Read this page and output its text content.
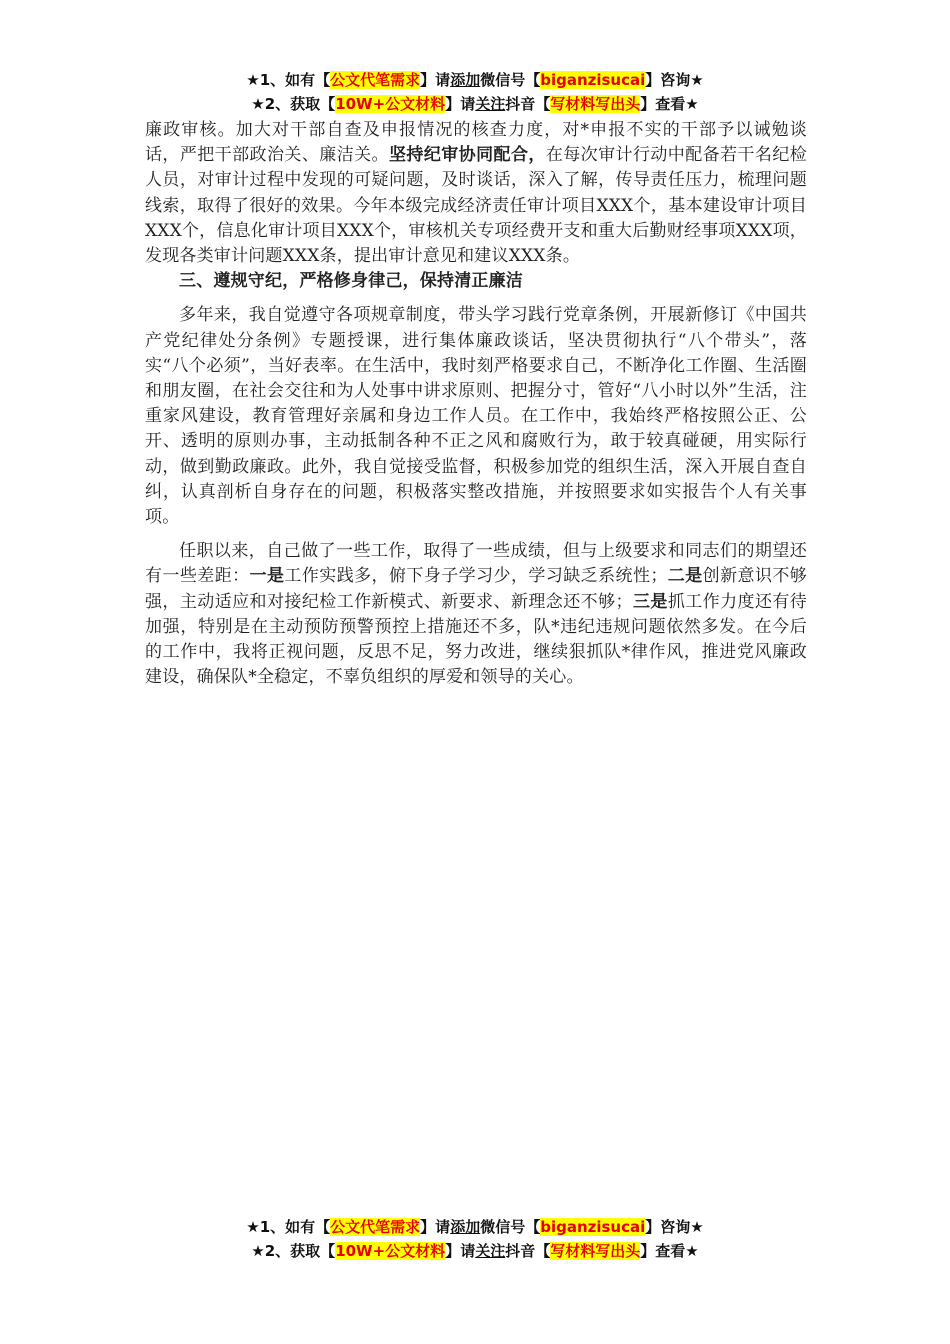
★1、如有【公文代笔需求】请添加微信号【biganzisucai】咨询★
★2、获取【10W+公文材料】请关注抖音【写材料写出头】查看★

廉政审核。加大对干部自查及申报情况的核查力度，对*申报不实的干部予以诫勉谈话，严把干部政治关、廉洁关。坚持纪审协同配合，在每次审计行动中配备若干名纪检人员，对审计过程中发现的可疑问题，及时谈话，深入了解，传导责任压力，梳理问题线索，取得了很好的效果。今年本级完成经济责任审计项目XXX个，基本建设审计项目XXX个，信息化审计项目XXX个，审核机关专项经费开支和重大后勤财经事项XXX项，发现各类审计问题XXX条，提出审计意见和建议XXX条。

三、遵规守纪，严格修身律己，保持清正廉洁

多年来，我自觉遵守各项规章制度，带头学习践行党章条例，开展新修订《中国共产党纪律处分条例》专题授课，进行集体廉政谈话，坚决贯彻执行“八个带头”，落实“八个必须”，当好表率。在生活中，我时刻严格要求自己，不断净化工作圈、生活圈和朋友圈，在社会交往和为人处事中讲求原则、把握分寸，管好“八小时以外”生活，注重家风建设，教育管理好亲属和身边工作人员。在工作中，我始终严格按照公正、公开、透明的原则办事，主动抵制各种不正之风和腐败行为，敢于较真碰硬，用实际行动，做到勤政廉政。此外，我自觉接受监督，积极参加党的组织生活，深入开展自查自纠，认真剖析自身存在的问题，积极落实整改措施，并按照要求如实报告个人有关事项。

任职以来，自己做了一些工作，取得了一些成绩，但与上级要求和同志们的期望还有一些差距：一是工作实践多，俯下身子学习少，学习缺乏系统性；二是创新意识不够强，主动适应和对接纪检工作新模式、新要求、新理念还不够；三是抓工作力度还有待加强，特别是在主动预防预警预控上措施还不多，队*违纪违规问题依然多发。在今后的工作中，我将正视问题，反思不足，努力改进，继续狠抓队*律作风，推进党风廉政建设，确保队*全稳定，不辜负组织的厚爱和领导的关心。

★1、如有【公文代笔需求】请添加微信号【biganzisucai】咨询★
★2、获取【10W+公文材料】请关注抖音【写材料写出头】查看★
